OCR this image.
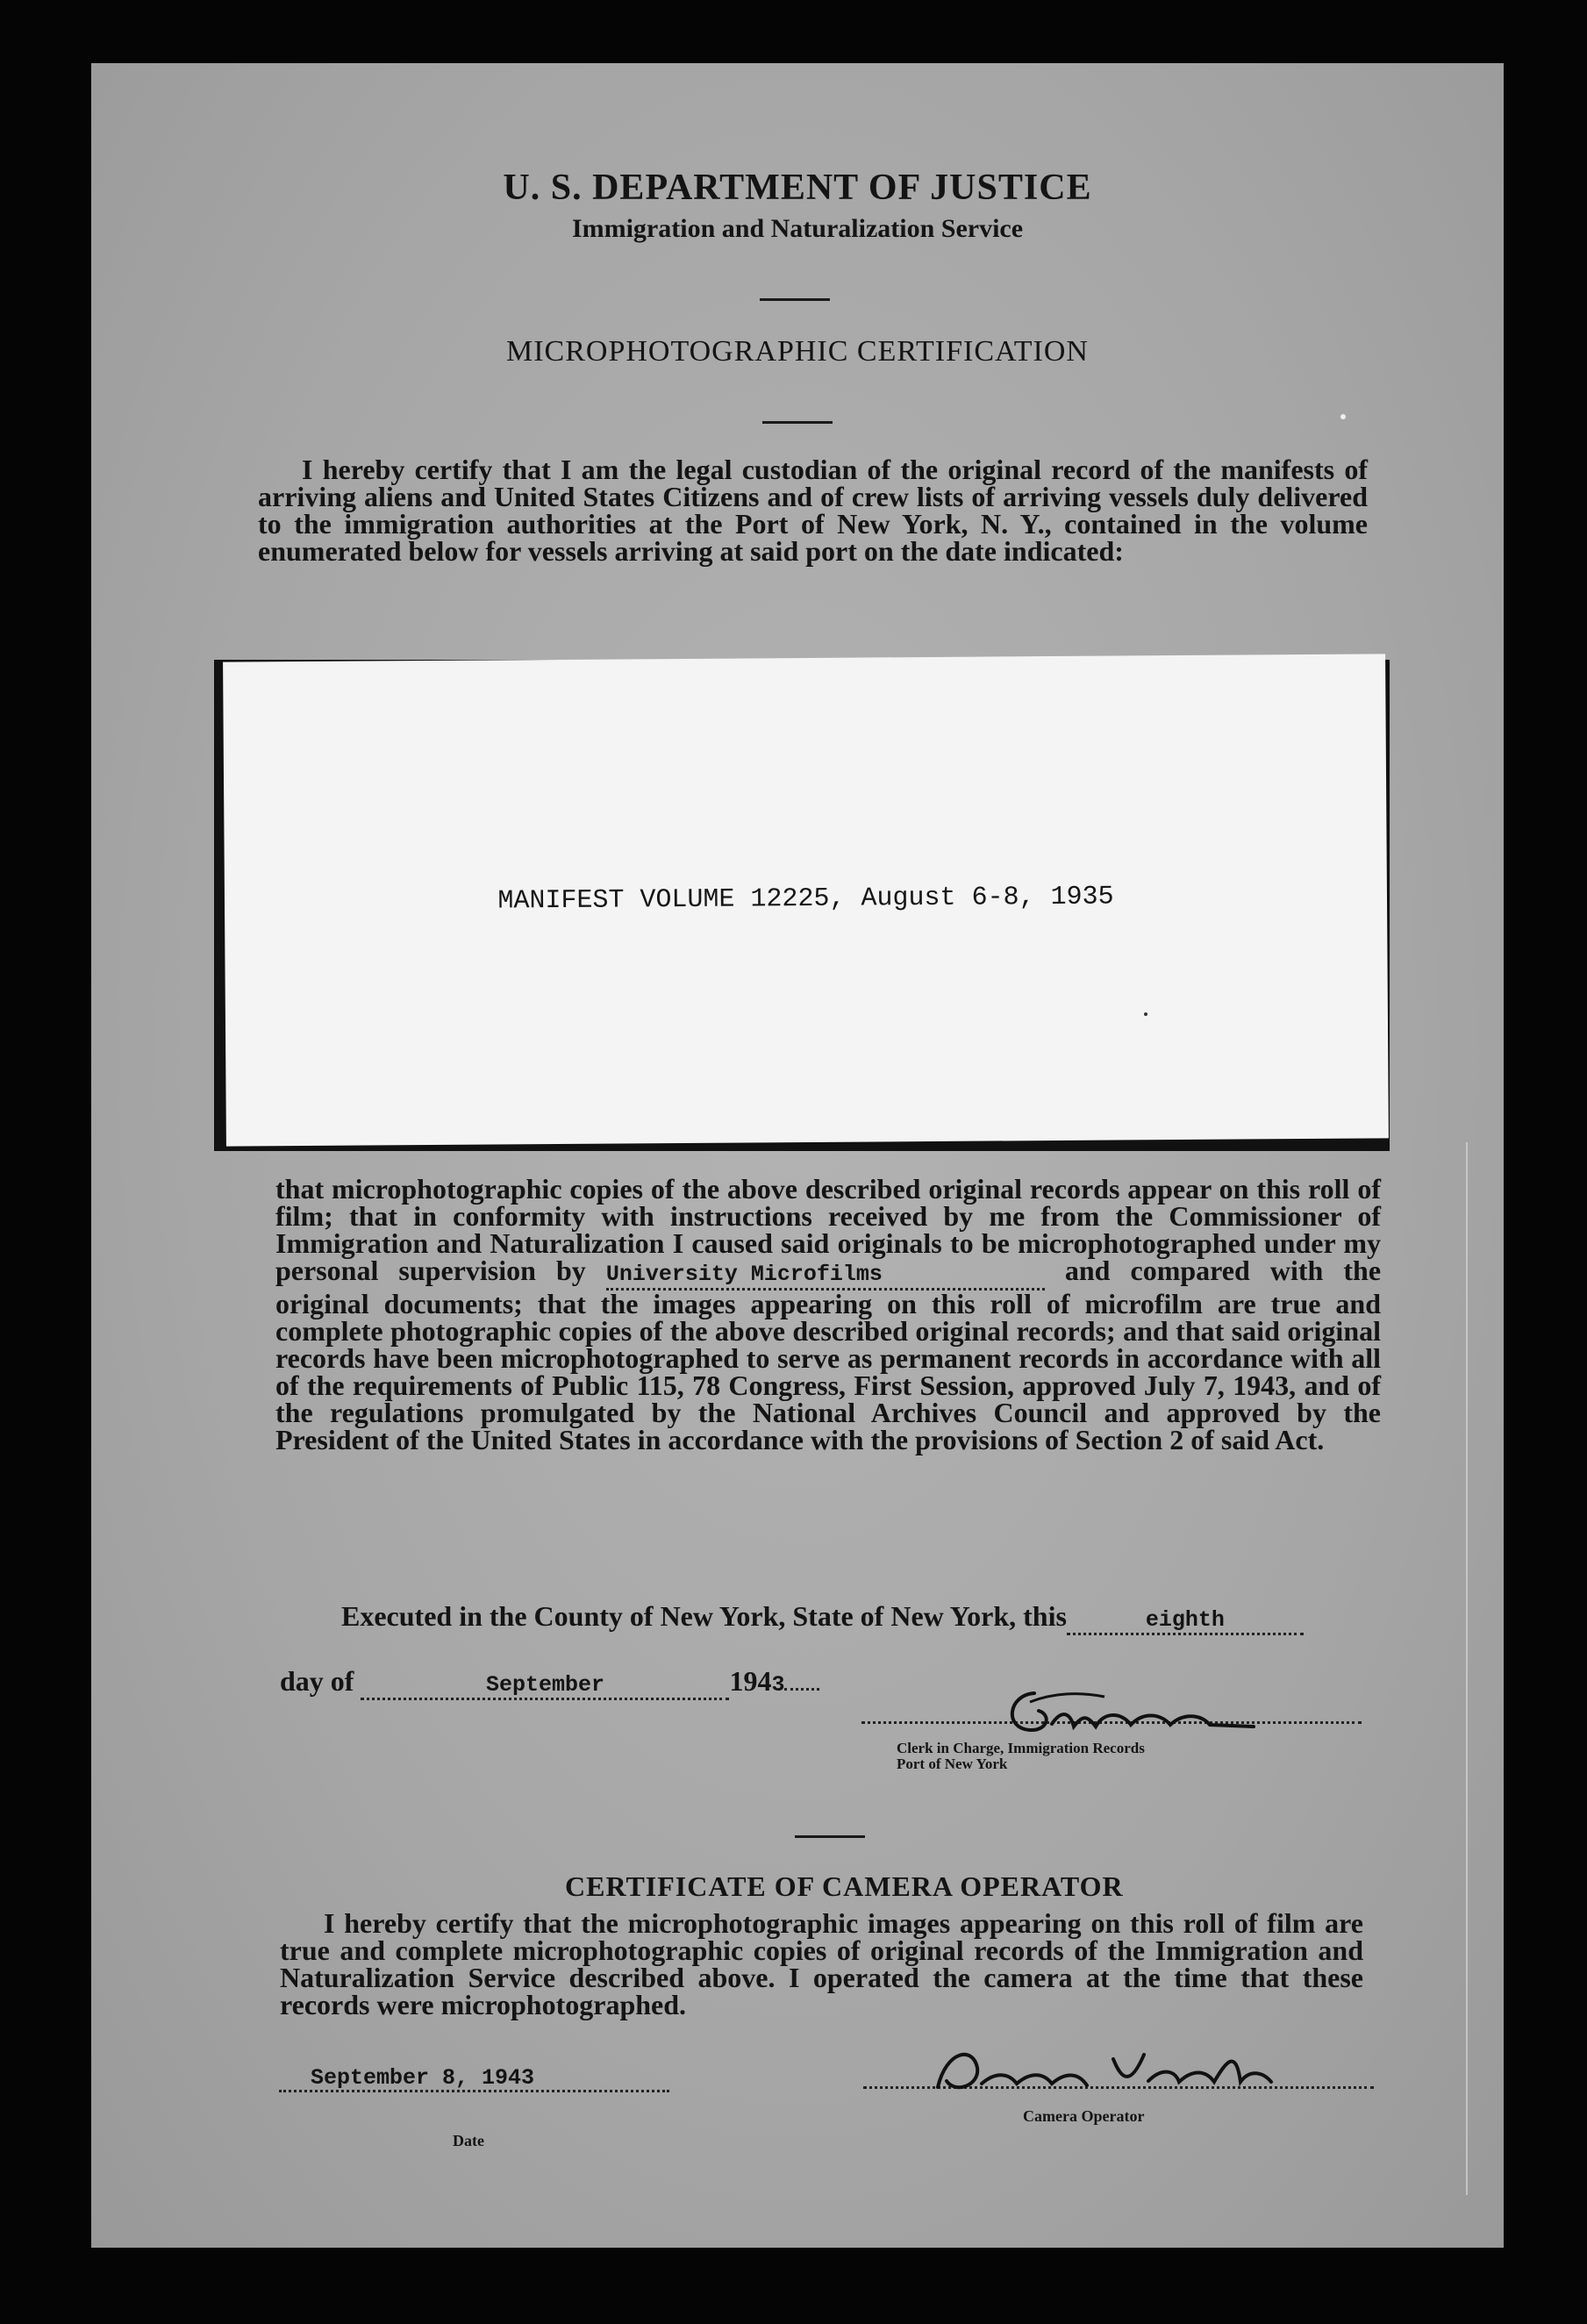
U. S. DEPARTMENT OF JUSTICE
Immigration and Naturalization Service
MICROPHOTOGRAPHIC CERTIFICATION
I hereby certify that I am the legal custodian of the original record of the manifests of arriving aliens and United States Citizens and of crew lists of arriving vessels duly delivered to the immigration authorities at the Port of New York, N. Y., contained in the volume enumerated below for vessels arriving at said port on the date indicated:
MANIFEST VOLUME 12225, August 6-8, 1935
that microphotographic copies of the above described original records appear on this roll of film; that in conformity with instructions received by me from the Commissioner of Immigration and Naturalization I caused said originals to be microphotographed under my personal supervision by University Microfilms	and compared with the original documents; that the images appearing on this roll of microfilm are true and complete photographic copies of the above described original records; and that said original records have been microphotographed to serve as permanent records in accordance with all of the requirements of Public 115, 78 Congress, First Session, approved July 7, 1943, and of the regulations promulgated by the National Archives Council and approved by the President of the United States in accordance with the provisions of Section 2 of said Act.
Executed in the County of New York, State of New York, this	eighth
day of	September	1943
Clerk in Charge, Immigration Records
Port of New York
CERTIFICATE OF CAMERA OPERATOR
I hereby certify that the microphotographic images appearing on this roll of film are true and complete microphotographic copies of original records of the Immigration and Naturalization Service described above. I operated the camera at the time that these records were microphotographed.
September 8, 1943
Date
Camera Operator
